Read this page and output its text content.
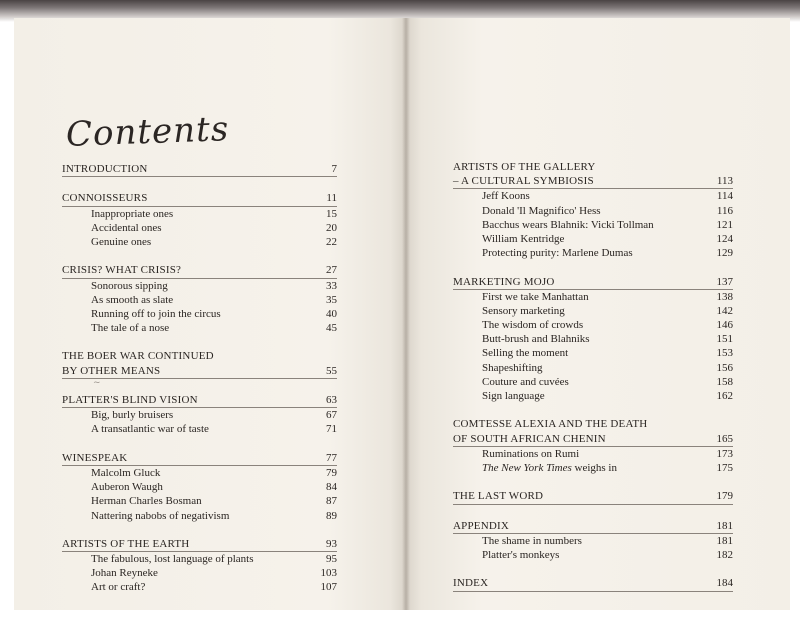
Contents
~
INTRODUCTION	7
CONNOISSEURS	11
Inappropriate ones	15
Accidental ones	20
Genuine ones	22
CRISIS? WHAT CRISIS?	27
Sonorous sipping	33
As smooth as slate	35
Running off to join the circus	40
The tale of a nose	45
THE BOER WAR CONTINUED
BY OTHER MEANS	55
PLATTER'S BLIND VISION	63
Big, burly bruisers	67
A transatlantic war of taste	71
WINESPEAK	77
Malcolm Gluck	79
Auberon Waugh	84
Herman Charles Bosman	87
Nattering nabobs of negativism	89
ARTISTS OF THE EARTH	93
The fabulous, lost language of plants	95
Johan Reyneke	103
Art or craft?	107
ARTISTS OF THE GALLERY
– A CULTURAL SYMBIOSIS	113
Jeff Koons	114
Donald 'Il Magnifico' Hess	116
Bacchus wears Blahnik: Vicki Tollman	121
William Kentridge	124
Protecting purity: Marlene Dumas	129
MARKETING MOJO	137
First we take Manhattan	138
Sensory marketing	142
The wisdom of crowds	146
Butt-brush and Blahniks	151
Selling the moment	153
Shapeshifting	156
Couture and cuvées	158
Sign language	162
COMTESSE ALEXIA AND THE DEATH
OF SOUTH AFRICAN CHENIN	165
Ruminations on Rumi	173
The New York Times weighs in	175
THE LAST WORD	179
APPENDIX	181
The shame in numbers	181
Platter's monkeys	182
INDEX	184
